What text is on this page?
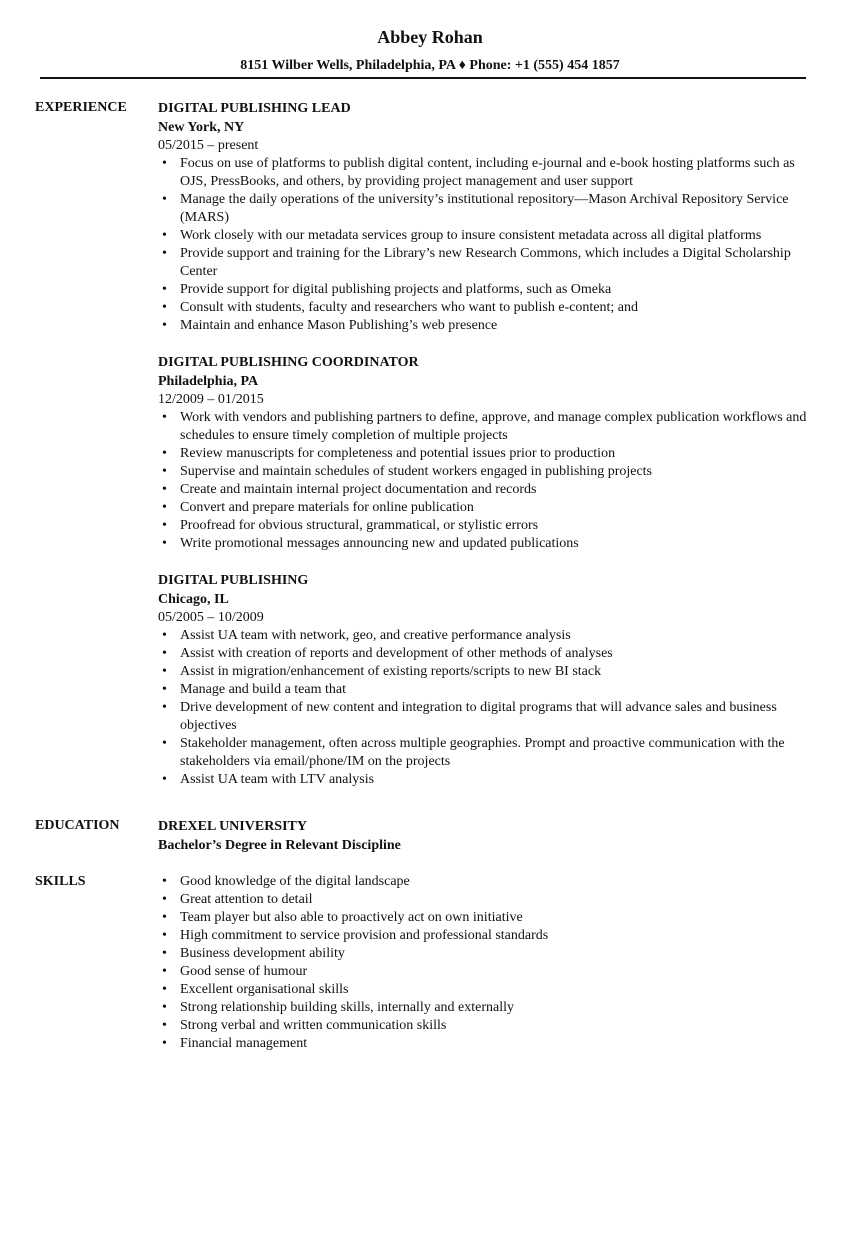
Abbey Rohan
8151 Wilber Wells, Philadelphia, PA ♦ Phone: +1 (555) 454 1857
EXPERIENCE DIGITAL PUBLISHING LEAD
New York, NY
05/2015 – present
• Focus on use of platforms to publish digital content, including e-journal and e-book hosting platforms such as OJS, PressBooks, and others, by providing project management and user support
• Manage the daily operations of the university’s institutional repository—Mason Archival Repository Service (MARS)
• Work closely with our metadata services group to insure consistent metadata across all digital platforms
• Provide support and training for the Library’s new Research Commons, which includes a Digital Scholarship Center
• Provide support for digital publishing projects and platforms, such as Omeka
• Consult with students, faculty and researchers who want to publish e-content; and
• Maintain and enhance Mason Publishing’s web presence
DIGITAL PUBLISHING COORDINATOR
Philadelphia, PA
12/2009 – 01/2015
• Work with vendors and publishing partners to define, approve, and manage complex publication workflows and schedules to ensure timely completion of multiple projects
• Review manuscripts for completeness and potential issues prior to production
• Supervise and maintain schedules of student workers engaged in publishing projects
• Create and maintain internal project documentation and records
• Convert and prepare materials for online publication
• Proofread for obvious structural, grammatical, or stylistic errors
• Write promotional messages announcing new and updated publications
DIGITAL PUBLISHING
Chicago, IL
05/2005 – 10/2009
• Assist UA team with network, geo, and creative performance analysis
• Assist with creation of reports and development of other methods of analyses
• Assist in migration/enhancement of existing reports/scripts to new BI stack
• Manage and build a team that
• Drive development of new content and integration to digital programs that will advance sales and business objectives
• Stakeholder management, often across multiple geographies. Prompt and proactive communication with the stakeholders via email/phone/IM on the projects
• Assist UA team with LTV analysis
EDUCATION	DREXEL UNIVERSITY
Bachelor’s Degree in Relevant Discipline
SKILLS
•	Good knowledge of the digital landscape
• Great attention to detail
• Team player but also able to proactively act on own initiative
• High commitment to service provision and professional standards
• Business development ability
• Good sense of humour
• Excellent organisational skills
• Strong relationship building skills, internally and externally
• Strong verbal and written communication skills
• Financial management
